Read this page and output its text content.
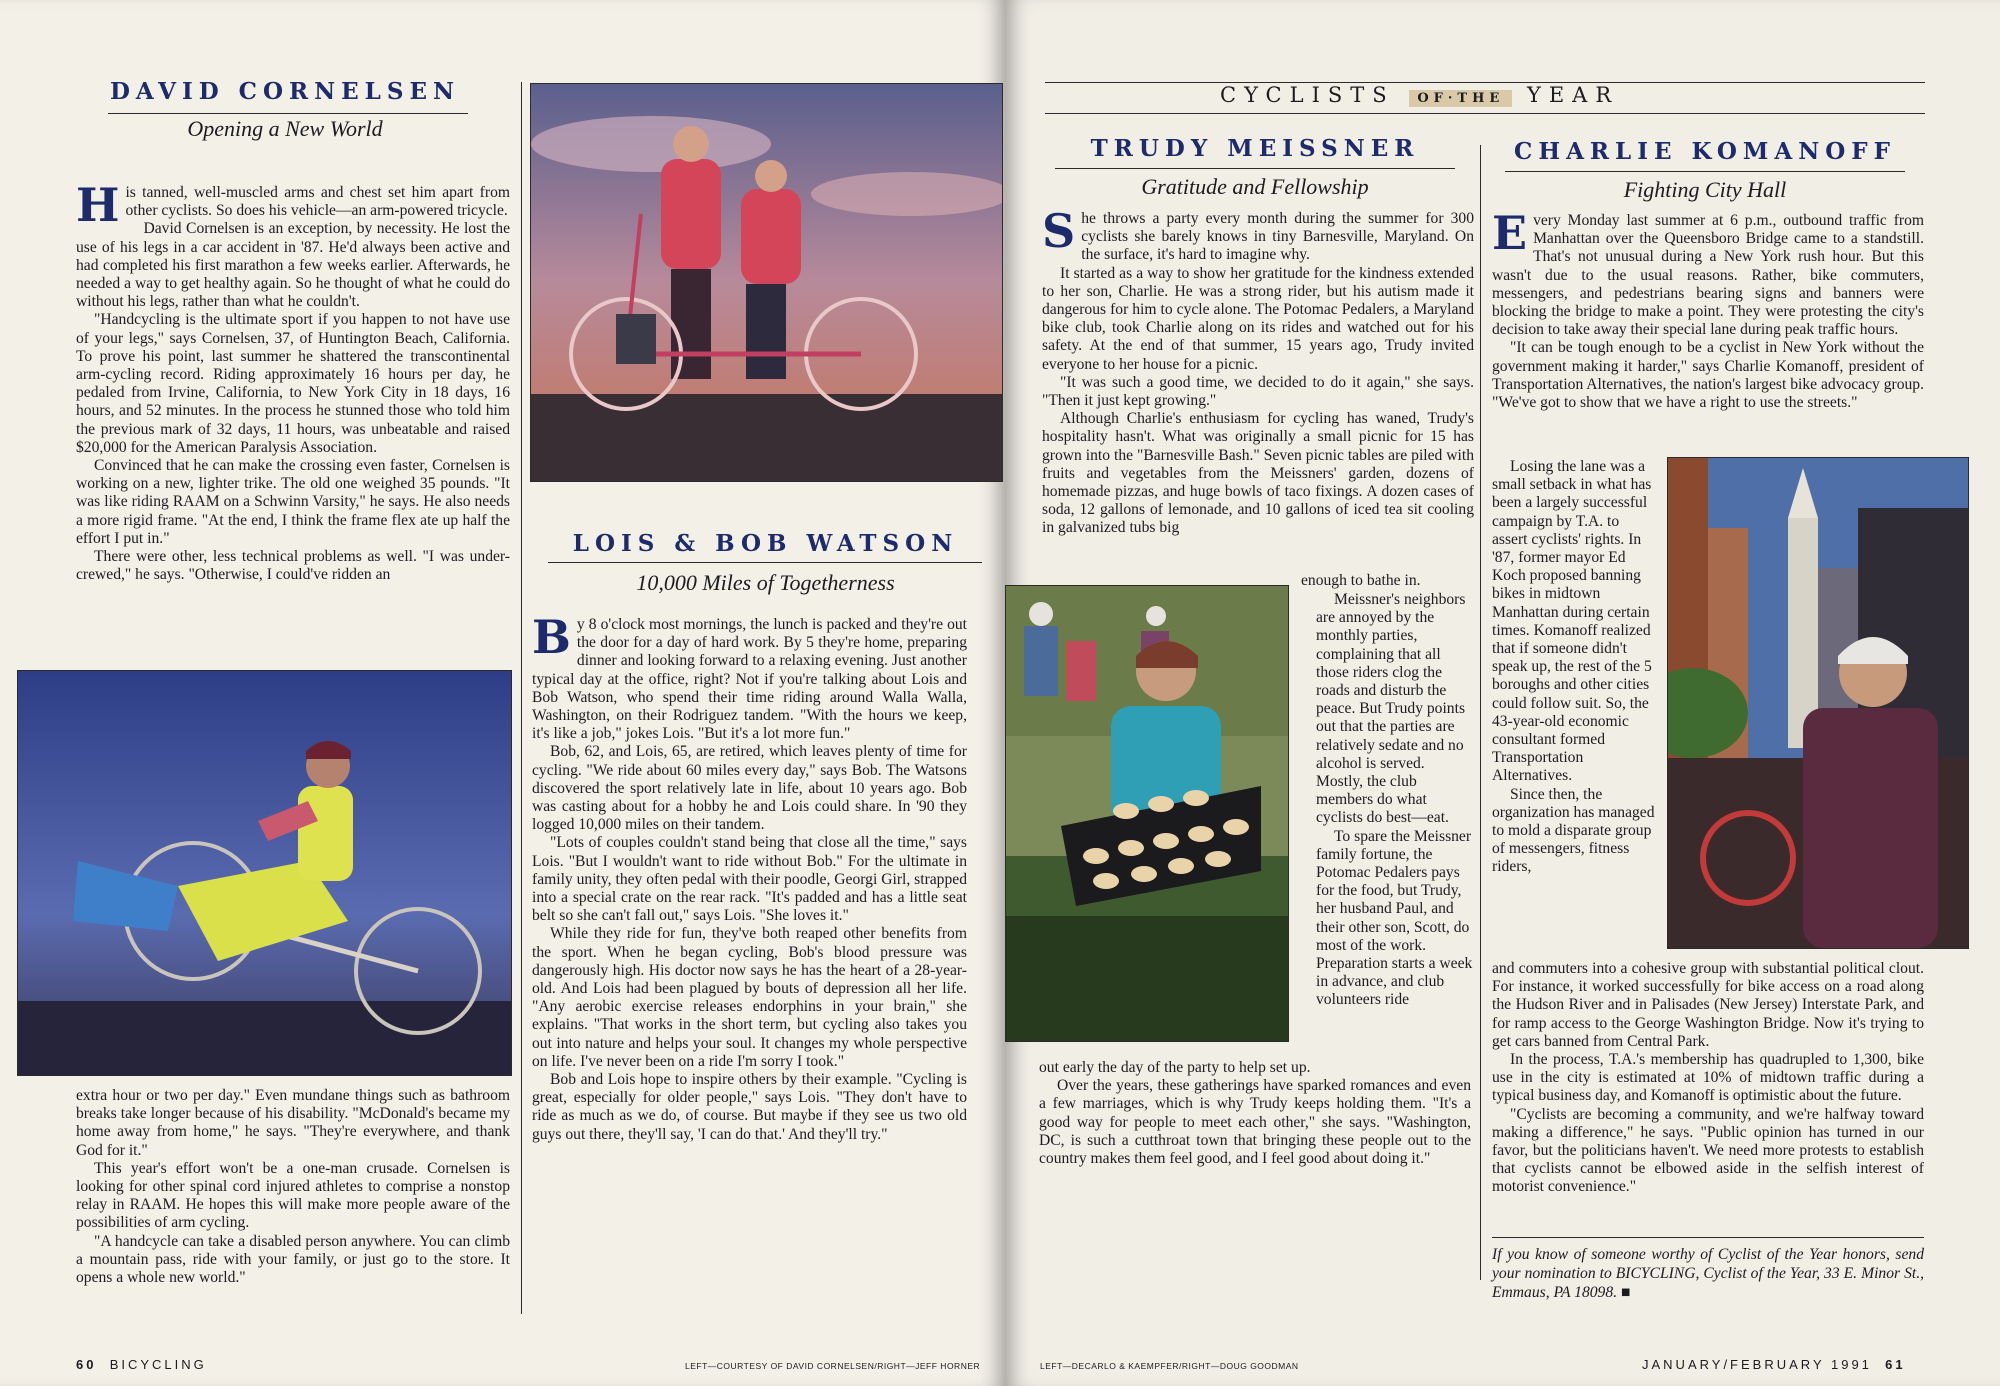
DAVID CORNELSEN
Opening a New World
H is tanned, well-muscled arms and chest set him apart from other cyclists. So does his vehicle—an arm-powered tricycle.

David Cornelsen is an exception, by necessity. He lost the use of his legs in a car accident in '87. He'd always been active and had completed his first marathon a few weeks earlier. Afterwards, he needed a way to get healthy again. So he thought of what he could do without his legs, rather than what he couldn't.

"Handcycling is the ultimate sport if you happen to not have use of your legs," says Cornelsen, 37, of Huntington Beach, California. To prove his point, last summer he shattered the transcontinental arm-cycling record. Riding approximately 16 hours per day, he pedaled from Irvine, California, to New York City in 18 days, 16 hours, and 52 minutes. In the process he stunned those who told him the previous mark of 32 days, 11 hours, was unbeatable and raised $20,000 for the American Paralysis Association.

Convinced that he can make the crossing even faster, Cornelsen is working on a new, lighter trike. The old one weighed 35 pounds. "It was like riding RAAM on a Schwinn Varsity," he says. He also needs a more rigid frame. "At the end, I think the frame flex ate up half the effort I put in."

There were other, less technical problems as well. "I was under-crewed," he says. "Otherwise, I could've ridden an

extra hour or two per day." Even mundane things such as bathroom breaks take longer because of his disability. "McDonald's became my home away from home," he says. "They're everywhere, and thank God for it."

This year's effort won't be a one-man crusade. Cornelsen is looking for other spinal cord injured athletes to comprise a nonstop relay in RAAM. He hopes this will make more people aware of the possibilities of arm cycling.

"A handcycle can take a disabled person anywhere. You can climb a mountain pass, ride with your family, or just go to the store. It opens a whole new world."

LOIS & BOB WATSON
10,000 Miles of Togetherness
B y 8 o'clock most mornings, the lunch is packed and they're out the door for a day of hard work. By 5 they're home, preparing dinner and looking forward to a relaxing evening. Just another typical day at the office, right? Not if you're talking about Lois and Bob Watson, who spend their time riding around Walla Walla, Washington, on their Rodriguez tandem. "With the hours we keep, it's like a job," jokes Lois. "But it's a lot more fun."

Bob, 62, and Lois, 65, are retired, which leaves plenty of time for cycling. "We ride about 60 miles every day," says Bob. The Watsons discovered the sport relatively late in life, about 10 years ago. Bob was casting about for a hobby he and Lois could share. In '90 they logged 10,000 miles on their tandem.

"Lots of couples couldn't stand being that close all the time," says Lois. "But I wouldn't want to ride without Bob." For the ultimate in family unity, they often pedal with their poodle, Georgi Girl, strapped into a special crate on the rear rack. "It's padded and has a little seat belt so she can't fall out," says Lois. "She loves it."

While they ride for fun, they've both reaped other benefits from the sport. When he began cycling, Bob's blood pressure was dangerously high. His doctor now says he has the heart of a 28-year-old. And Lois had been plagued by bouts of depression all her life. "Any aerobic exercise releases endorphins in your brain," she explains. "That works in the short term, but cycling also takes you out into nature and helps your soul. It changes my whole perspective on life. I've never been on a ride I'm sorry I took."

Bob and Lois hope to inspire others by their example. "Cycling is great, especially for older people," says Lois. "They don't have to ride as much as we do, of course. But maybe if they see us two old guys out there, they'll say, 'I can do that.' And they'll try."

60 BICYCLING	LEFT—COURTESY OF DAVID CORNELSEN/RIGHT—JEFF HORNER
CYCLISTS OF·THE YEAR
TRUDY MEISSNER
Gratitude and Fellowship
S he throws a party every month during the summer for 300 cyclists she barely knows in tiny Barnesville, Maryland. On the surface, it's hard to imagine why.

It started as a way to show her gratitude for the kindness extended to her son, Charlie. He was a strong rider, but his autism made it dangerous for him to cycle alone. The Potomac Pedalers, a Maryland bike club, took Charlie along on its rides and watched out for his safety. At the end of that summer, 15 years ago, Trudy invited everyone to her house for a picnic.

"It was such a good time, we decided to do it again," she says. "Then it just kept growing."

Although Charlie's enthusiasm for cycling has waned, Trudy's hospitality hasn't. What was originally a small picnic for 15 has grown into the "Barnesville Bash." Seven picnic tables are piled with fruits and vegetables from the Meissners' garden, dozens of homemade pizzas, and huge bowls of taco fixings. A dozen cases of soda, 12 gallons of lemonade, and 10 gallons of iced tea sit cooling in galvanized tubs big

enough to bathe in.

Meissner's neighbors are annoyed by the monthly parties, complaining that all those riders clog the roads and disturb the peace. But Trudy points out that the parties are relatively sedate and no alcohol is served. Mostly, the club members do what cyclists do best—eat.

To spare the Meissner family fortune, the Potomac Pedalers pays for the food, but Trudy, her husband Paul, and their other son, Scott, do most of the work. Preparation starts a week in advance, and club volunteers ride

out early the day of the party to help set up.

Over the years, these gatherings have sparked romances and even a few marriages, which is why Trudy keeps holding them. "It's a good way for people to meet each other," she says. "Washington, DC, is such a cutthroat town that bringing these people out to the country makes them feel good, and I feel good about doing it."

CHARLIE KOMANOFF
Fighting City Hall
E very Monday last summer at 6 p.m., outbound traffic from Manhattan over the Queensboro Bridge came to a standstill. That's not unusual during a New York rush hour. But this wasn't due to the usual reasons. Rather, bike commuters, messengers, and pedestrians bearing signs and banners were blocking the bridge to make a point. They were protesting the city's decision to take away their special lane during peak traffic hours.

"It can be tough enough to be a cyclist in New York without the government making it harder," says Charlie Komanoff, president of Transportation Alternatives, the nation's largest bike advocacy group. "We've got to show that we have a right to use the streets."

Losing the lane was a small setback in what has been a largely successful campaign by T.A. to assert cyclists' rights. In '87, former mayor Ed Koch proposed banning bikes in midtown Manhattan during certain times. Komanoff realized that if someone didn't speak up, the rest of the 5 boroughs and other cities could follow suit. So, the 43-year-old economic consultant formed Transportation Alternatives.

Since then, the organization has managed to mold a disparate group of messengers, fitness riders,

and commuters into a cohesive group with substantial political clout. For instance, it worked successfully for bike access on a road along the Hudson River and in Palisades (New Jersey) Interstate Park, and for ramp access to the George Washington Bridge. Now it's trying to get cars banned from Central Park.

In the process, T.A.'s membership has quadrupled to 1,300, bike use in the city is estimated at 10% of midtown traffic during a typical business day, and Komanoff is optimistic about the future.

"Cyclists are becoming a community, and we're halfway toward making a difference," he says. "Public opinion has turned in our favor, but the politicians haven't. We need more protests to establish that cyclists cannot be elbowed aside in the selfish interest of motorist convenience."

If you know of someone worthy of Cyclist of the Year honors, send your nomination to BICYCLING, Cyclist of the Year, 33 E. Minor St., Emmaus, PA 18098. ■
LEFT—DECARLO & KAEMPFER/RIGHT—DOUG GOODMAN	JANUARY/FEBRUARY 1991 61
